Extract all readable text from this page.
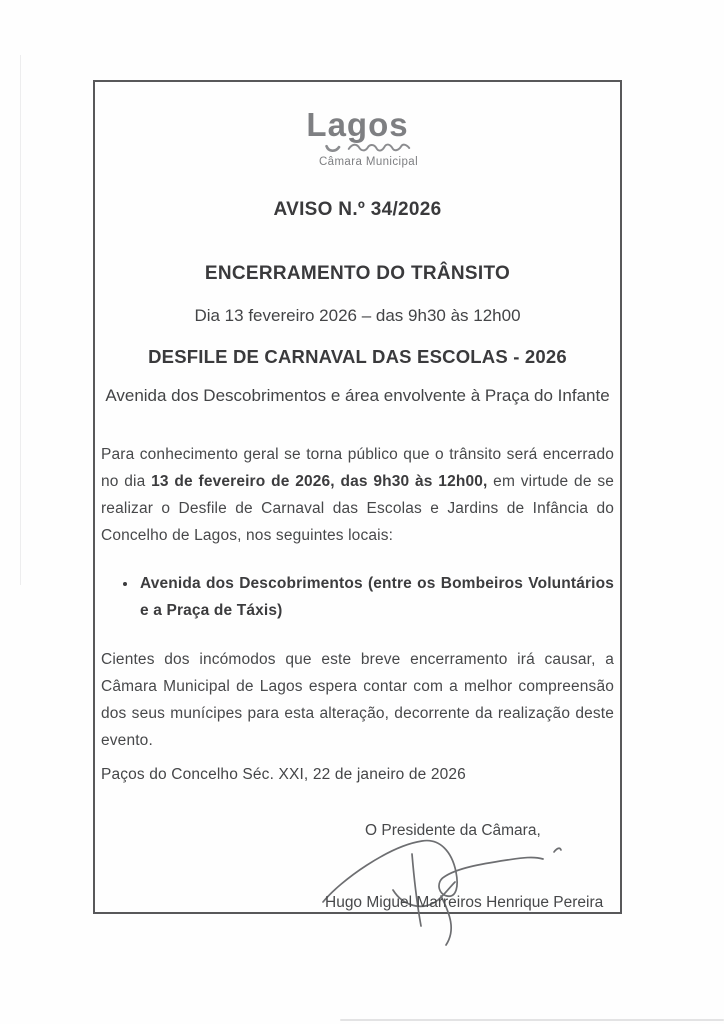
Lagos
Câmara Municipal
AVISO N.º 34/2026
ENCERRAMENTO DO TRÂNSITO
Dia 13 fevereiro 2026 – das 9h30 às 12h00
DESFILE DE CARNAVAL DAS ESCOLAS - 2026
Avenida dos Descobrimentos e área envolvente à Praça do Infante

Para conhecimento geral se torna público que o trânsito será encerrado no dia 13 de fevereiro de 2026, das 9h30 às 12h00, em virtude de se realizar o Desfile de Carnaval das Escolas e Jardins de Infância do Concelho de Lagos, nos seguintes locais:

• Avenida dos Descobrimentos (entre os Bombeiros Voluntários e a Praça de Táxis)

Cientes dos incómodos que este breve encerramento irá causar, a Câmara Municipal de Lagos espera contar com a melhor compreensão dos seus munícipes para esta alteração, decorrente da realização deste evento.

Paços do Concelho Séc. XXI, 22 de janeiro de 2026

O Presidente da Câmara,
Hugo Miguel Marreiros Henrique Pereira
